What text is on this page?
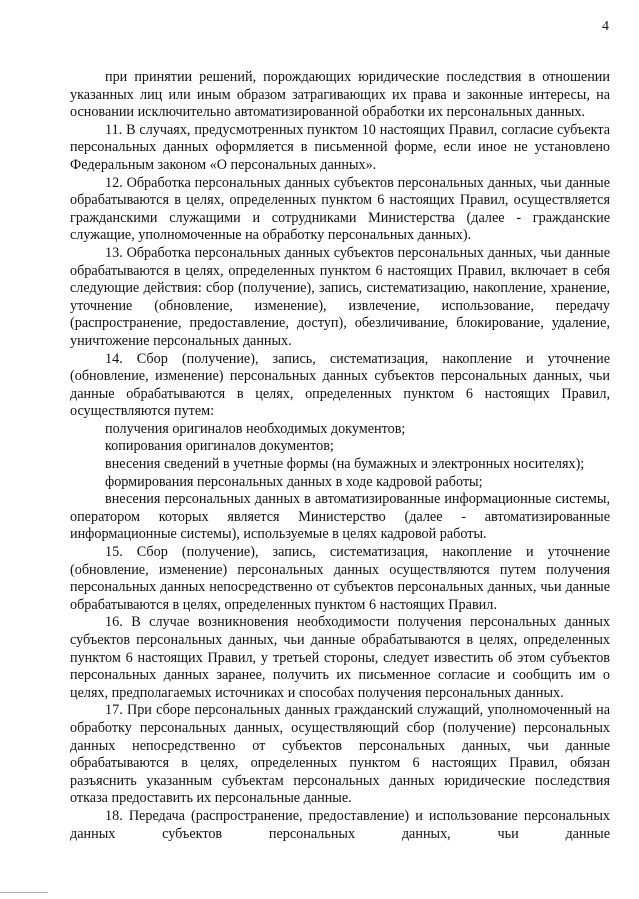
4

при принятии решений, порождающих юридические последствия в отношении указанных лиц или иным образом затрагивающих их права и законные интересы, на основании исключительно автоматизированной обработки их персональных данных.

11. В случаях, предусмотренных пунктом 10 настоящих Правил, согласие субъекта персональных данных оформляется в письменной форме, если иное не установлено Федеральным законом «О персональных данных».

12. Обработка персональных данных субъектов персональных данных, чьи данные обрабатываются в целях, определенных пунктом 6 настоящих Правил, осуществляется гражданскими служащими и сотрудниками Министерства (далее - гражданские служащие, уполномоченные на обработку персональных данных).

13. Обработка персональных данных субъектов персональных данных, чьи данные обрабатываются в целях, определенных пунктом 6 настоящих Правил, включает в себя следующие действия: сбор (получение), запись, систематизацию, накопление, хранение, уточнение (обновление, изменение), извлечение, использование, передачу (распространение, предоставление, доступ), обезличивание, блокирование, удаление, уничтожение персональных данных.

14. Сбор (получение), запись, систематизация, накопление и уточнение (обновление, изменение) персональных данных субъектов персональных данных, чьи данные обрабатываются в целях, определенных пунктом 6 настоящих Правил, осуществляются путем:

получения оригиналов необходимых документов;

копирования оригиналов документов;

внесения сведений в учетные формы (на бумажных и электронных носителях);

формирования персональных данных в ходе кадровой работы;

внесения персональных данных в автоматизированные информационные системы, оператором которых является Министерство (далее - автоматизированные информационные системы), используемые в целях кадровой работы.

15. Сбор (получение), запись, систематизация, накопление и уточнение (обновление, изменение) персональных данных осуществляются путем получения персональных данных непосредственно от субъектов персональных данных, чьи данные обрабатываются в целях, определенных пунктом 6 настоящих Правил.

16. В случае возникновения необходимости получения персональных данных субъектов персональных данных, чьи данные обрабатываются в целях, определенных пунктом 6 настоящих Правил, у третьей стороны, следует известить об этом субъектов персональных данных заранее, получить их письменное согласие и сообщить им о целях, предполагаемых источниках и способах получения персональных данных.

17. При сборе персональных данных гражданский служащий, уполномоченный на обработку персональных данных, осуществляющий сбор (получение) персональных данных непосредственно от субъектов персональных данных, чьи данные обрабатываются в целях, определенных пунктом 6 настоящих Правил, обязан разъяснить указанным субъектам персональных данных юридические последствия отказа предоставить их персональные данные.

18. Передача (распространение, предоставление) и использование персональных данных субъектов персональных данных, чьи данные
